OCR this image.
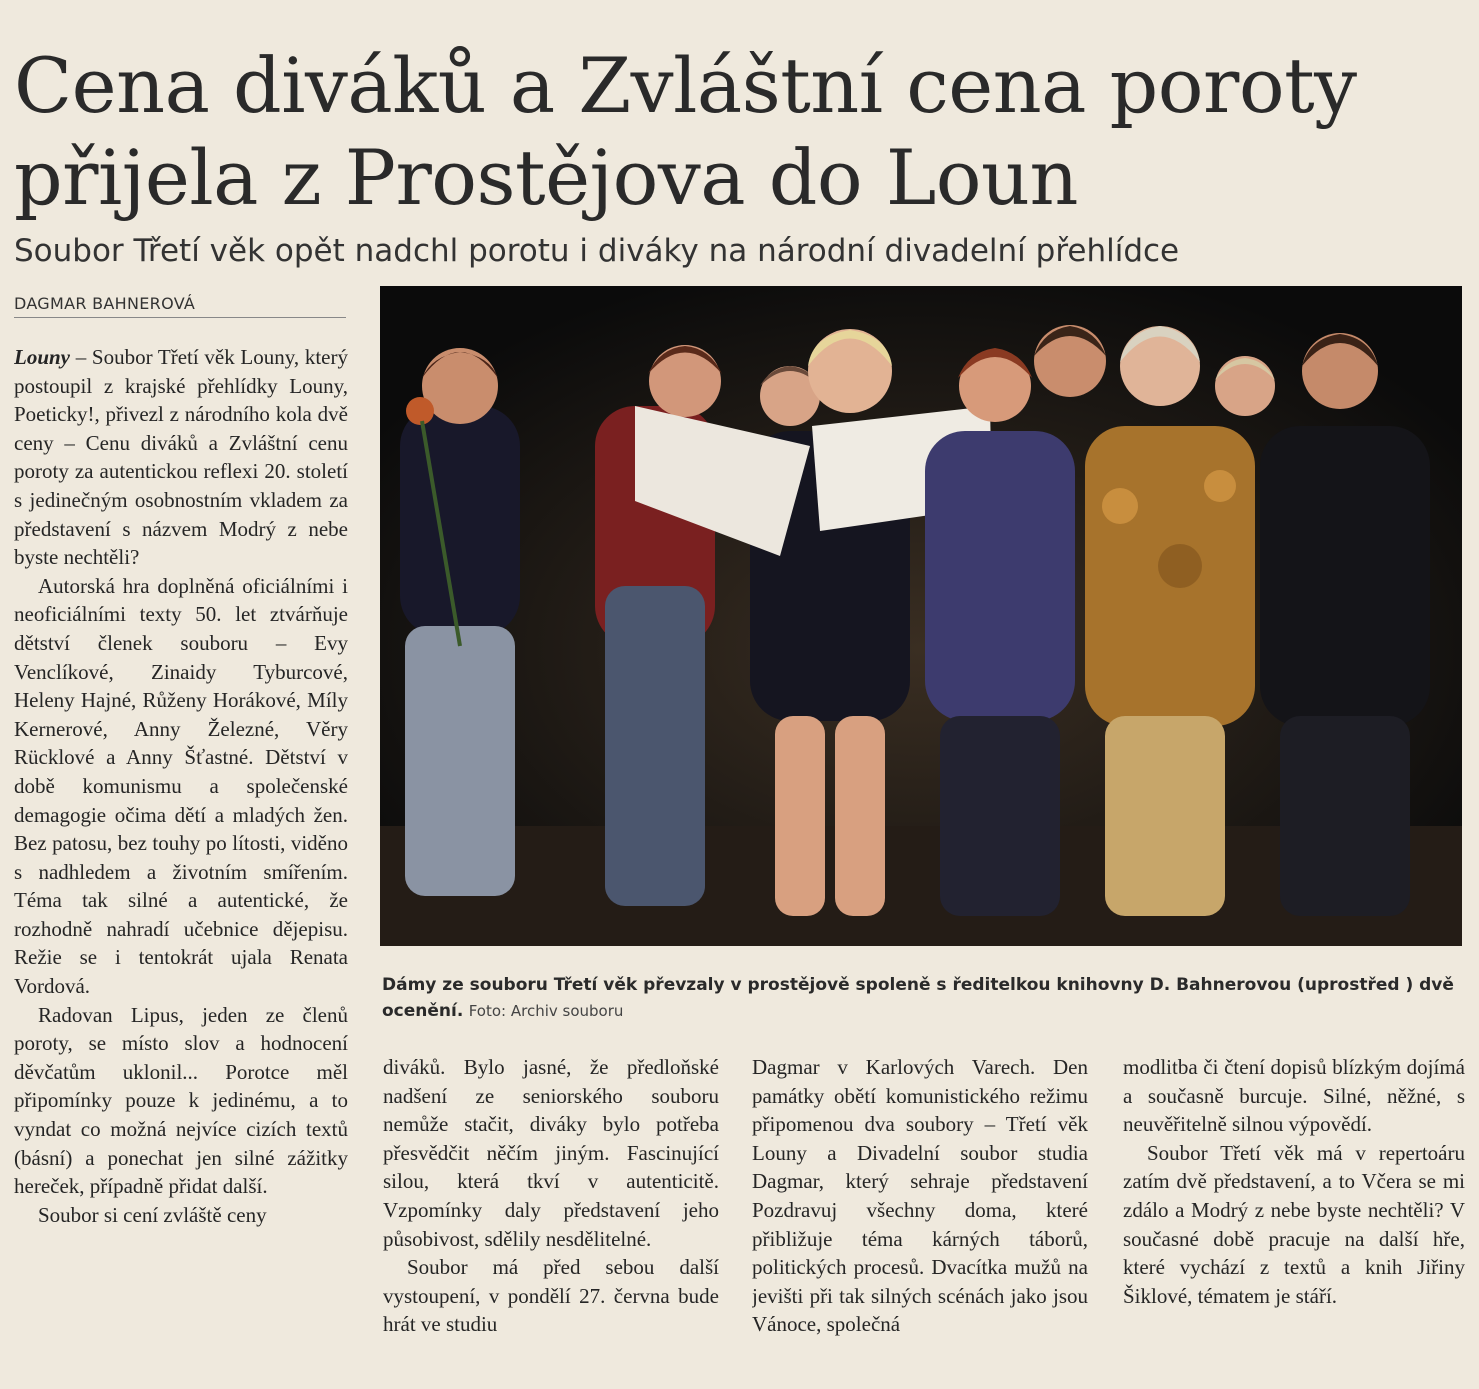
Cena diváků a Zvláštní cena poroty
přijela z Prostějova do Loun
Soubor Třetí věk opět nadchl porotu i diváky na národní divadelní přehlídce
DAGMAR BAHNEROVÁ

Louny – Soubor Třetí věk Louny, který postoupil z krajské přehlídky Louny, Poeticky!, přivezl z národního kola dvě ceny – Cenu diváků a Zvláštní cenu poroty za autentickou reflexi 20. století s jedinečným osobnostním vkladem za představení s názvem Modrý z nebe byste nechtěli?

Autorská hra doplněná oficiálními i neoficiálními texty 50. let ztvárňuje dětství členek souboru – Evy Venclíkové, Zinaidy Tyburcové, Heleny Hajné, Růženy Horákové, Míly Kernerové, Anny Železné, Věry Rücklové a Anny Šťastné. Dětství v době komunismu a společenské demagogie očima dětí a mladých žen. Bez patosu, bez touhy po lítosti, viděno s nadhledem a životním smířením. Téma tak silné a autentické, že rozhodně nahradí učebnice dějepisu. Režie se i tentokrát ujala Renata Vordová.

Radovan Lipus, jeden ze členů poroty, se místo slov a hodnocení děvčatům uklonil... Porotce měl připomínky pouze k jedinému, a to vyndat co možná nejvíce cizích textů (básní) a ponechat jen silné zážitky hereček, případně přidat další.

Soubor si cení zvláště ceny

Dámy ze souboru Třetí věk převzaly v prostějově spoleně s ředitelkou knihovny D. Bahnerovou (uprostřed ) dvě ocenění. Foto: Archiv souboru

diváků. Bylo jasné, že předloňské nadšení ze seniorského souboru nemůže stačit, diváky bylo potřeba přesvědčit něčím jiným. Fascinující silou, která tkví v autenticitě. Vzpomínky daly představení jeho působivost, sdělily nesdělitelné.

Soubor má před sebou další vystoupení, v pondělí 27. června bude hrát ve studiu

Dagmar v Karlových Varech. Den památky obětí komunistického režimu připomenou dva soubory – Třetí věk Louny a Divadelní soubor studia Dagmar, který sehraje představení Pozdravuj všechny doma, které přibližuje téma kárných táborů, politických procesů. Dvacítka mužů na jevišti při tak silných scénách jako jsou Vánoce, společná

modlitba či čtení dopisů blízkým dojímá a současně burcuje. Silné, něžné, s neuvěřitelně silnou výpovědí.

Soubor Třetí věk má v repertoáru zatím dvě představení, a to Včera se mi zdálo a Modrý z nebe byste nechtěli? V současné době pracuje na další hře, které vychází z textů a knih Jiřiny Šiklové, tématem je stáří.
